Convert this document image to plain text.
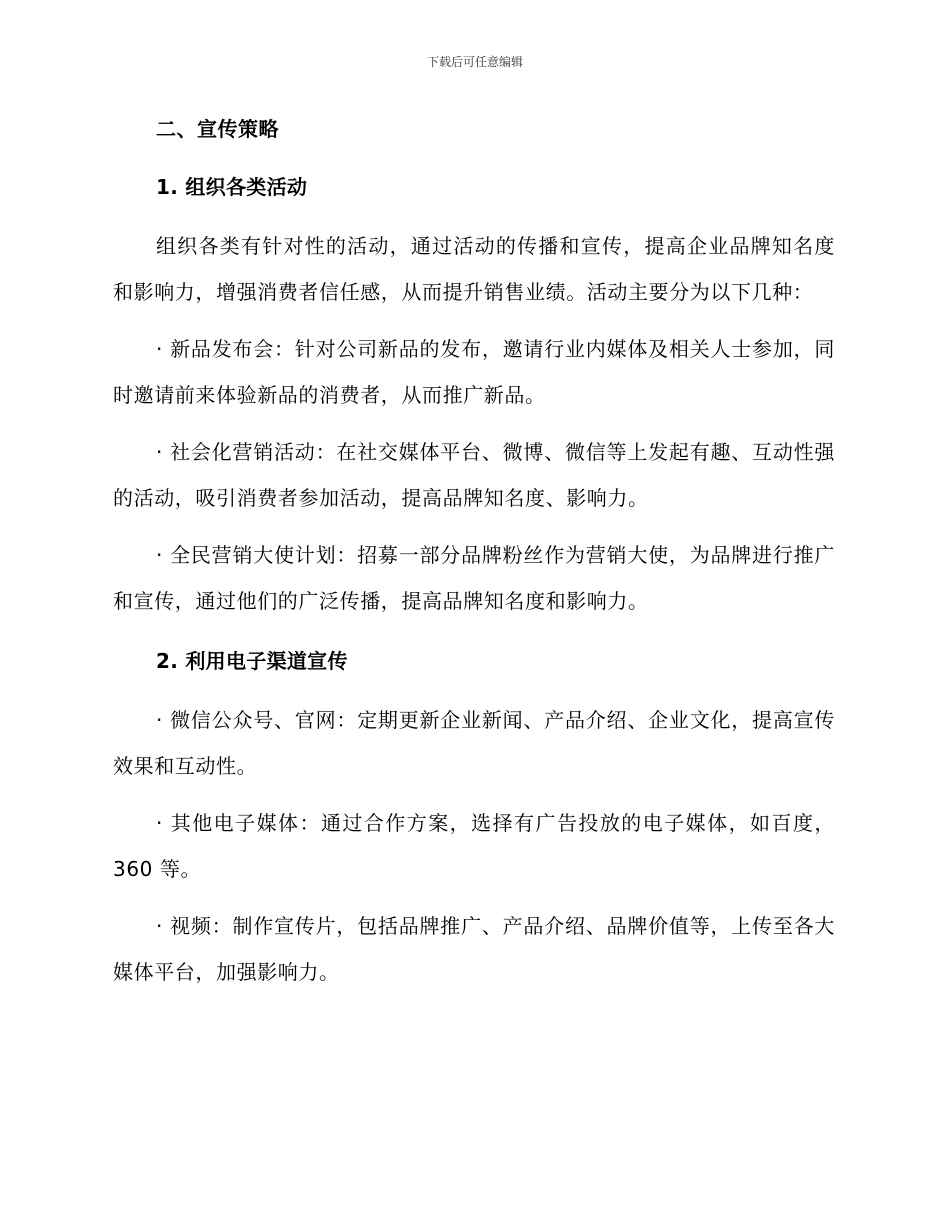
下载后可任意编辑
二、宣传策略
1. 组织各类活动

组织各类有针对性的活动，通过活动的传播和宣传，提高企业品牌知名度和影响力，增强消费者信任感，从而提升销售业绩。活动主要分为以下几种：

· 新品发布会：针对公司新品的发布，邀请行业内媒体及相关人士参加，同时邀请前来体验新品的消费者，从而推广新品。

· 社会化营销活动：在社交媒体平台、微博、微信等上发起有趣、互动性强的活动，吸引消费者参加活动，提高品牌知名度、影响力。

· 全民营销大使计划：招募一部分品牌粉丝作为营销大使，为品牌进行推广和宣传，通过他们的广泛传播，提高品牌知名度和影响力。

2. 利用电子渠道宣传

· 微信公众号、官网：定期更新企业新闻、产品介绍、企业文化，提高宣传效果和互动性。

· 其他电子媒体：通过合作方案，选择有广告投放的电子媒体，如百度，360 等。

· 视频：制作宣传片，包括品牌推广、产品介绍、品牌价值等，上传至各大媒体平台，加强影响力。
